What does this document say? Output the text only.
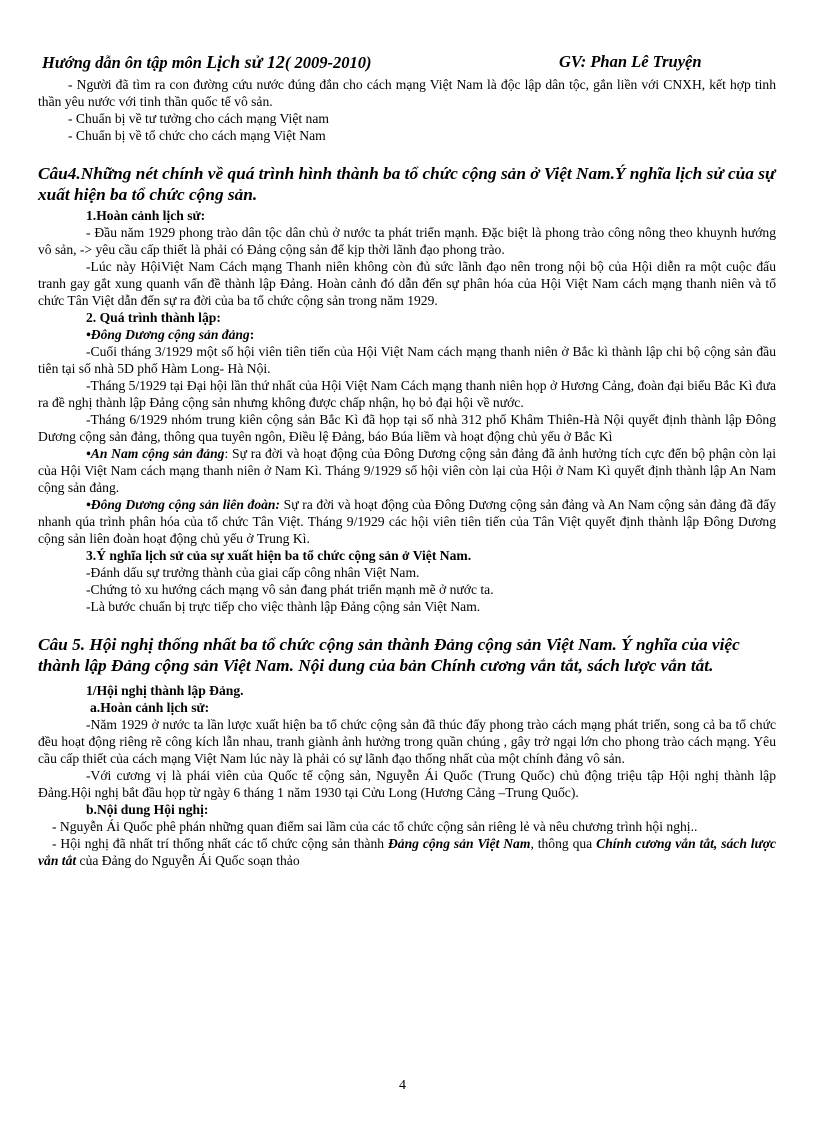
Hướng dẫn ôn tập môn Lịch sử 12( 2009-2010)	GV: Phan Lê Truyện

- Người đã tìm ra con đường cứu nước đúng đắn cho cách mạng Việt Nam là độc lập dân tộc, gắn liền với CNXH, kết hợp tinh thần yêu nước với tinh thần quốc tế vô sản.

- Chuẩn bị về tư tưởng cho cách mạng Việt nam

- Chuẩn bị về tổ chức cho cách mạng Việt Nam

Câu4.Những nét chính về quá trình hình thành ba tổ chức cộng sản ở Việt Nam.Ý nghĩa lịch sử của sự xuất hiện ba tổ chức cộng sản.

1.Hoàn cảnh lịch sử:

- Đầu năm 1929 phong trào dân tộc dân chủ ở nước ta phát triển mạnh. Đặc biệt là phong trào công nông theo khuynh hướng vô sản, -> yêu cầu cấp thiết là phải có Đảng cộng sản để kịp thời lãnh đạo phong trào.

-Lúc này HộiViệt Nam Cách mạng Thanh niên không còn đủ sức lãnh đạo nên trong nội bộ của Hội diễn ra một cuộc đấu tranh gay gắt xung quanh vấn đề thành lập Đảng. Hoàn cảnh đó dẫn đến sự phân hóa của Hội Việt Nam cách mạng thanh niên và tổ chức Tân Việt dẫn đến sự ra đời của ba tổ chức cộng sản trong năm 1929.

2. Quá trình thành lập:

•Đông Dương cộng sản đảng:

-Cuối tháng 3/1929 một số hội viên tiên tiến của Hội Việt Nam cách mạng thanh niên ở Bắc kì thành lập chi bộ cộng sản đầu tiên tại số nhà 5D phố Hàm Long- Hà Nội.

-Tháng 5/1929 tại Đại hội lần thứ nhất của Hội Việt Nam Cách mạng thanh niên họp ở Hương Cảng, đoàn đại biểu Bắc Kì đưa ra đề nghị thành lập Đảng cộng sản nhưng không được chấp nhận, họ bỏ đại hội về nước.

-Tháng 6/1929 nhóm trung kiên cộng sản Bắc Kì đã họp tại số nhà 312 phố Khâm Thiên-Hà Nội quyết định thành lập Đông Dương cộng sản đảng, thông qua tuyên ngôn, Điều lệ Đảng, báo Búa liềm và hoạt động chủ yếu ở Bắc Kì

•An Nam cộng sản đảng: Sự ra đời và hoạt động của Đông Dương cộng sản đảng đã ảnh hưởng tích cực đến bộ phận còn lại của Hội Việt Nam cách mạng thanh niên ở Nam Kì. Tháng 9/1929 số hội viên còn lại của Hội ở Nam Kì quyết định thành lập An Nam cộng sản đảng.

•Đông Dương cộng sản liên đoàn: Sự ra đời và hoạt động của Đông Dương cộng sản đảng và An Nam cộng sản đảng đã đẩy nhanh qúa trình phân hóa của tổ chức Tân Việt. Tháng 9/1929 các hội viên tiên tiến của Tân Việt quyết định thành lập Đông Dương cộng sản liên đoàn hoạt động chủ yếu ở Trung Kì.

3.Ý nghĩa lịch sử của sự xuất hiện ba tổ chức cộng sản ở Việt Nam.

-Đánh dấu sự trưởng thành của giai cấp công nhân Việt Nam.

-Chứng tỏ xu hướng cách mạng vô sản đang phát triển mạnh mẽ ở nước ta.

-Là bước chuẩn bị trực tiếp cho việc thành lập Đảng cộng sản Việt Nam.

Câu 5. Hội nghị thống nhất ba tổ chức cộng sản thành Đảng cộng sản Việt Nam. Ý nghĩa của việc thành lập Đảng cộng sản Việt Nam. Nội dung của bản Chính cương vắn tắt, sách lược vắn tắt.

1/Hội nghị thành lập Đảng.

a.Hoàn cảnh lịch sử:

-Năm 1929 ở nước ta lần lược xuất hiện ba tổ chức cộng sản đã thúc đẩy phong trào cách mạng phát triển, song cả ba tổ chức đều hoạt động riêng rẽ công kích lẫn nhau, tranh giành ảnh hưởng trong quần chúng , gây trở ngại lớn cho phong trào cách mạng. Yêu cầu cấp thiết của cách mạng Việt Nam lúc này là phải có sự lãnh đạo thống nhất của một chính đảng vô sản.

-Với cương vị là phái viên của Quốc tế cộng sản, Nguyễn Ái Quốc (Trung Quốc) chủ động triệu tập Hội nghị thành lập Đảng.Hội nghị bắt đầu họp từ ngày 6 tháng 1 năm 1930 tại Cửu Long (Hương Cảng –Trung Quốc).

b.Nội dung Hội nghị:

- Nguyễn Ái Quốc phê phán những quan điểm sai lầm của các tổ chức cộng sản riêng lẻ và nêu chương trình hội nghị..

- Hội nghị đã nhất trí thống nhất các tổ chức cộng sản thành Đảng cộng sản Việt Nam, thông qua Chính cương vắn tắt, sách lược vắn tắt của Đảng do Nguyễn Ái Quốc soạn thảo

4
